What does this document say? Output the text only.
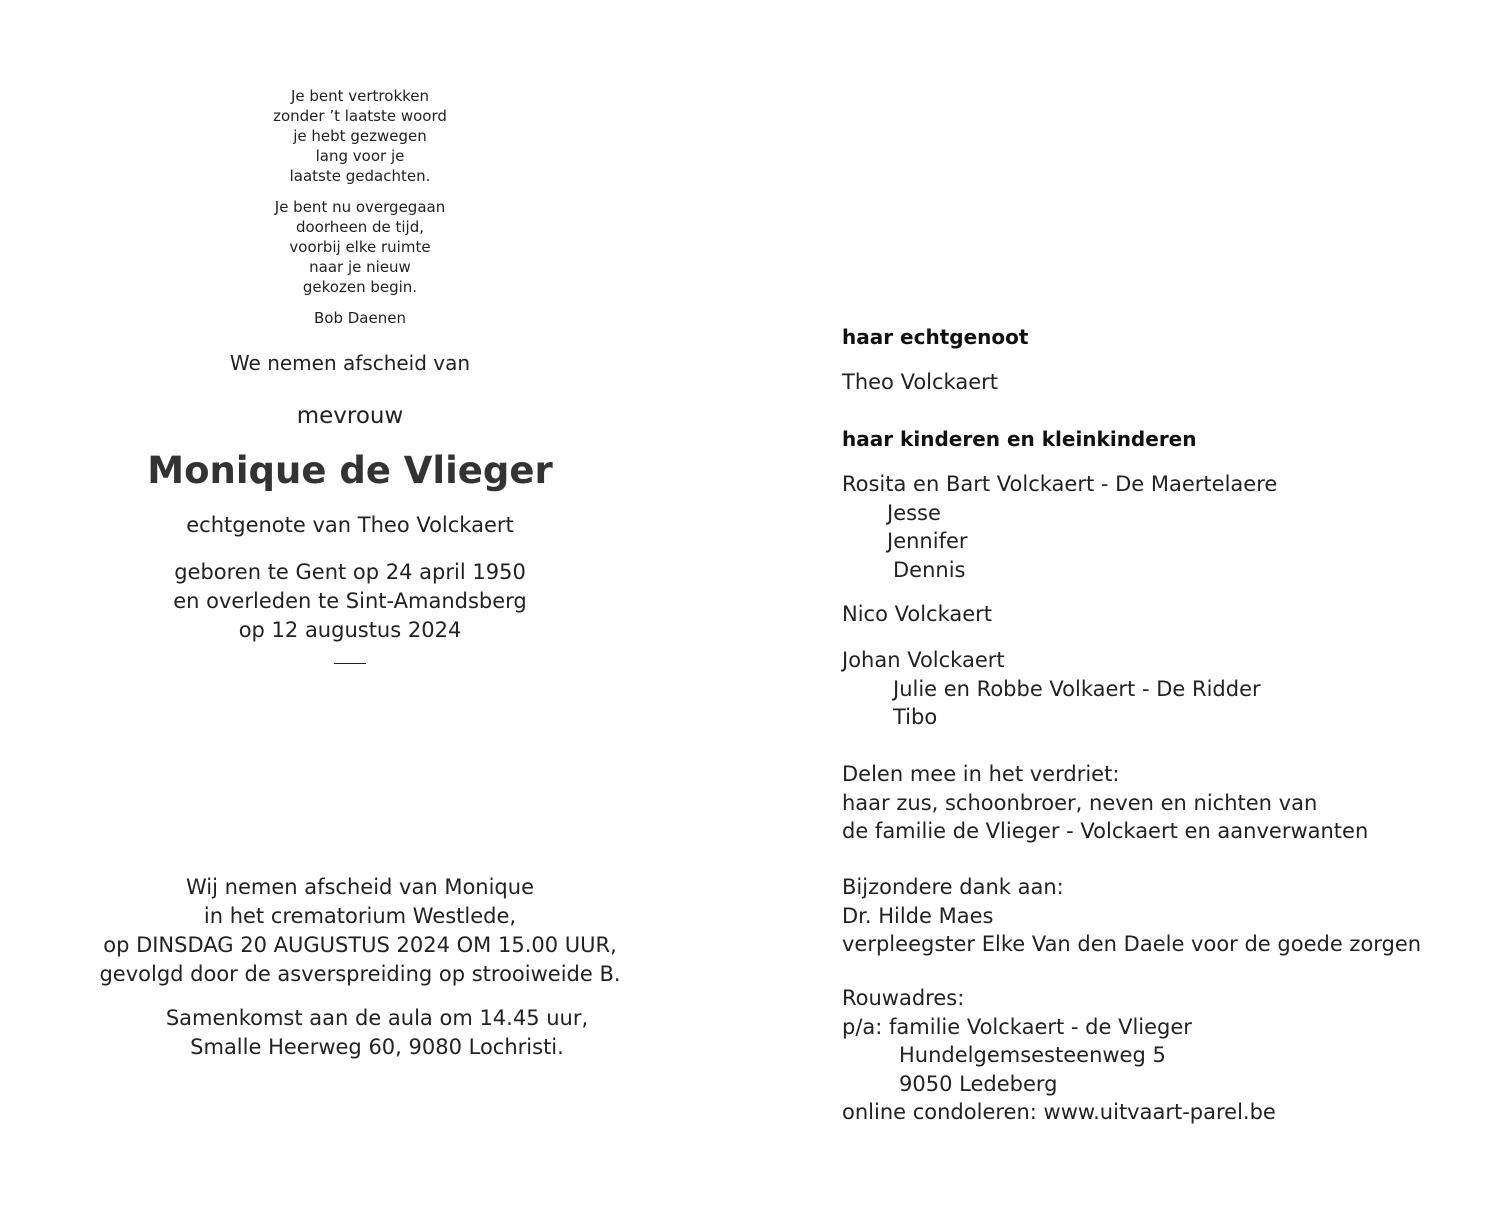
Je bent vertrokken
zonder ’t laatste woord
je hebt gezwegen
lang voor je
laatste gedachten.
Je bent nu overgegaan
doorheen de tijd,
voorbij elke ruimte
naar je nieuw
gekozen begin.
Bob Daenen
We nemen afscheid van
mevrouw
Monique de Vlieger
echtgenote van Theo Volckaert
geboren te Gent op 24 april 1950
en overleden te Sint-Amandsberg
op 12 augustus 2024
Wij nemen afscheid van Monique
in het crematorium Westlede,
op DINSDAG 20 AUGUSTUS 2024 OM 15.00 UUR,
gevolgd door de asverspreiding op strooiweide B.
Samenkomst aan de aula om 14.45 uur,
Smalle Heerweg 60, 9080 Lochristi.
haar echtgenoot
Theo Volckaert
haar kinderen en kleinkinderen
Rosita en Bart Volckaert - De Maertelaere
Jesse
Jennifer
Dennis
Nico Volckaert
Johan Volckaert
Julie en Robbe Volkaert - De Ridder
Tibo
Delen mee in het verdriet:
haar zus, schoonbroer, neven en nichten van
de familie de Vlieger - Volckaert en aanverwanten
Bijzondere dank aan:
Dr. Hilde Maes
verpleegster Elke Van den Daele voor de goede zorgen
Rouwadres:
p/a: familie Volckaert - de Vlieger
Hundelgemsesteenweg 5
9050 Ledeberg
online condoleren: www.uitvaart-parel.be
